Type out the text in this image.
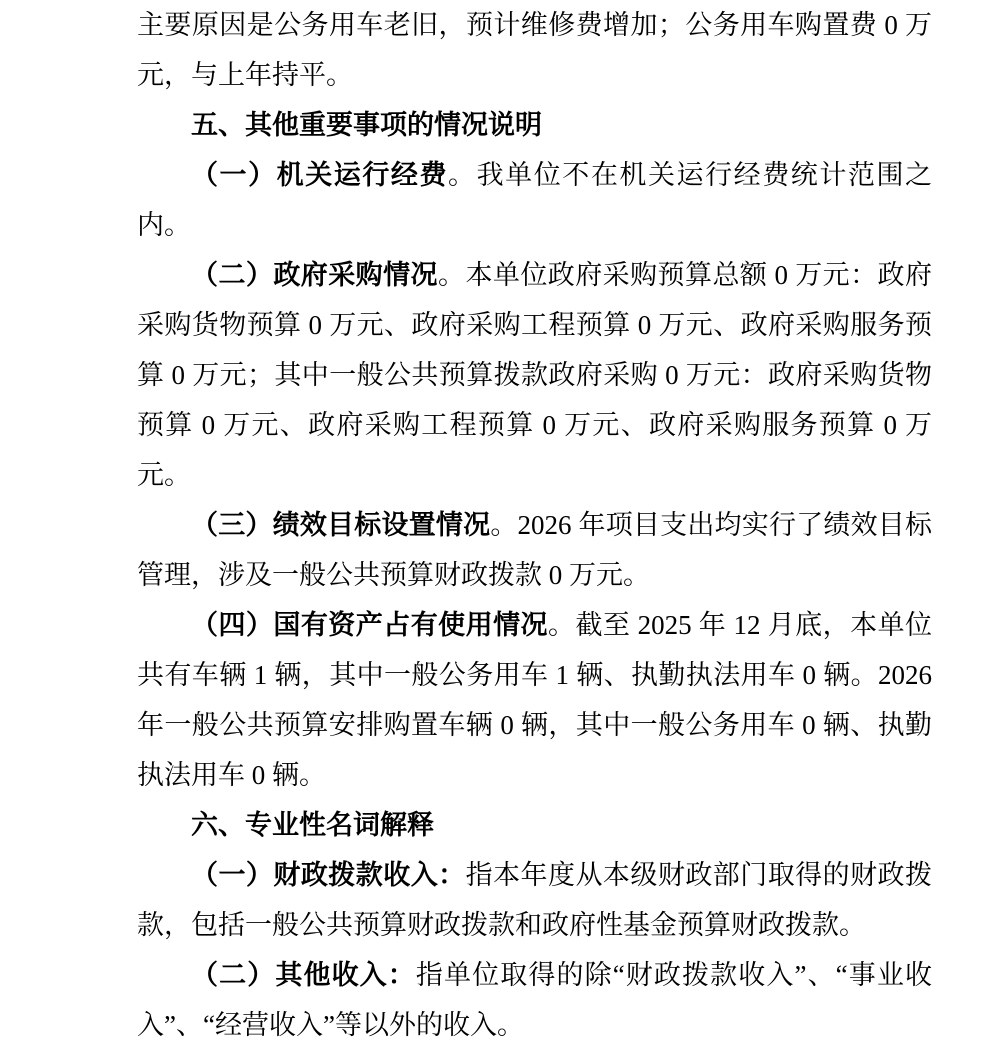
主要原因是公务用车老旧，预计维修费增加；公务用车购置费 0 万元，与上年持平。

五、其他重要事项的情况说明

（一）机关运行经费。我单位不在机关运行经费统计范围之内。

（二）政府采购情况。本单位政府采购预算总额 0 万元：政府采购货物预算 0 万元、政府采购工程预算 0 万元、政府采购服务预算 0 万元；其中一般公共预算拨款政府采购 0 万元：政府采购货物预算 0 万元、政府采购工程预算 0 万元、政府采购服务预算 0 万元。

（三）绩效目标设置情况。2026 年项目支出均实行了绩效目标管理，涉及一般公共预算财政拨款 0 万元。

（四）国有资产占有使用情况。截至 2025 年 12 月底，本单位共有车辆 1 辆，其中一般公务用车 1 辆、执勤执法用车 0 辆。2026 年一般公共预算安排购置车辆 0 辆，其中一般公务用车 0 辆、执勤执法用车 0 辆。

六、专业性名词解释

（一）财政拨款收入：指本年度从本级财政部门取得的财政拨款，包括一般公共预算财政拨款和政府性基金预算财政拨款。

（二）其他收入：指单位取得的除“财政拨款收入”、“事业收入”、“经营收入”等以外的收入。
